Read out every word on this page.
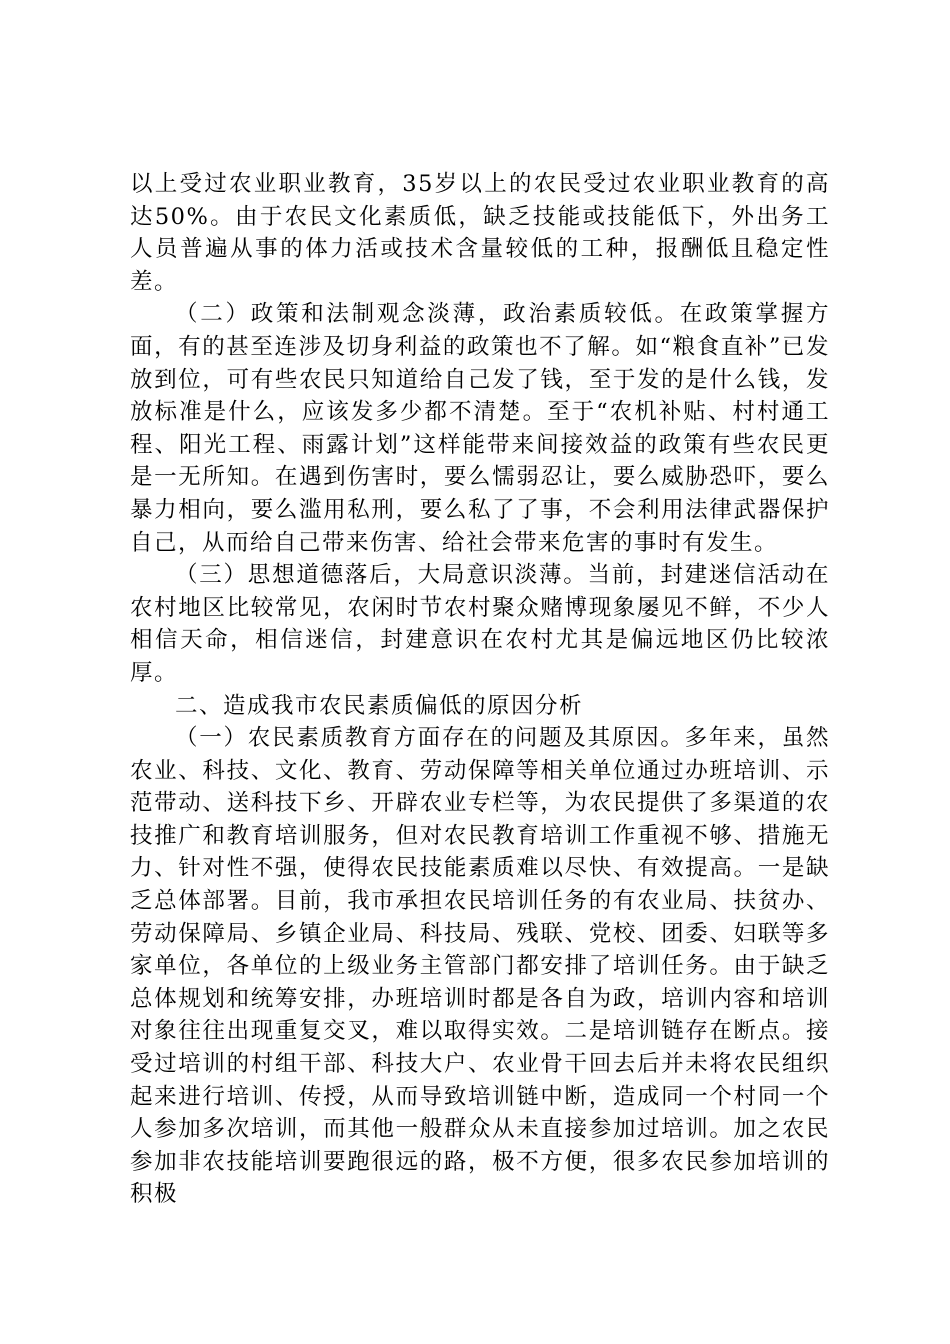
以上受过农业职业教育，35岁以上的农民受过农业职业教育的高达50%。由于农民文化素质低，缺乏技能或技能低下，外出务工人员普遍从事的体力活或技术含量较低的工种，报酬低且稳定性差。

（二）政策和法制观念淡薄，政治素质较低。在政策掌握方面，有的甚至连涉及切身利益的政策也不了解。如“粮食直补”已发放到位，可有些农民只知道给自己发了钱，至于发的是什么钱，发放标准是什么，应该发多少都不清楚。至于“农机补贴、村村通工程、阳光工程、雨露计划”这样能带来间接效益的政策有些农民更是一无所知。在遇到伤害时，要么懦弱忍让，要么威胁恐吓，要么暴力相向，要么滥用私刑，要么私了了事，不会利用法律武器保护自己，从而给自己带来伤害、给社会带来危害的事时有发生。

（三）思想道德落后，大局意识淡薄。当前，封建迷信活动在农村地区比较常见，农闲时节农村聚众赌博现象屡见不鲜，不少人相信天命，相信迷信，封建意识在农村尤其是偏远地区仍比较浓厚。

二、造成我市农民素质偏低的原因分析

（一）农民素质教育方面存在的问题及其原因。多年来，虽然农业、科技、文化、教育、劳动保障等相关单位通过办班培训、示范带动、送科技下乡、开辟农业专栏等，为农民提供了多渠道的农技推广和教育培训服务，但对农民教育培训工作重视不够、措施无力、针对性不强，使得农民技能素质难以尽快、有效提高。一是缺乏总体部署。目前，我市承担农民培训任务的有农业局、扶贫办、劳动保障局、乡镇企业局、科技局、残联、党校、团委、妇联等多家单位，各单位的上级业务主管部门都安排了培训任务。由于缺乏总体规划和统筹安排，办班培训时都是各自为政，培训内容和培训对象往往出现重复交叉，难以取得实效。二是培训链存在断点。接受过培训的村组干部、科技大户、农业骨干回去后并未将农民组织起来进行培训、传授，从而导致培训链中断，造成同一个村同一个人参加多次培训，而其他一般群众从未直接参加过培训。加之农民参加非农技能培训要跑很远的路，极不方便，很多农民参加培训的积极
